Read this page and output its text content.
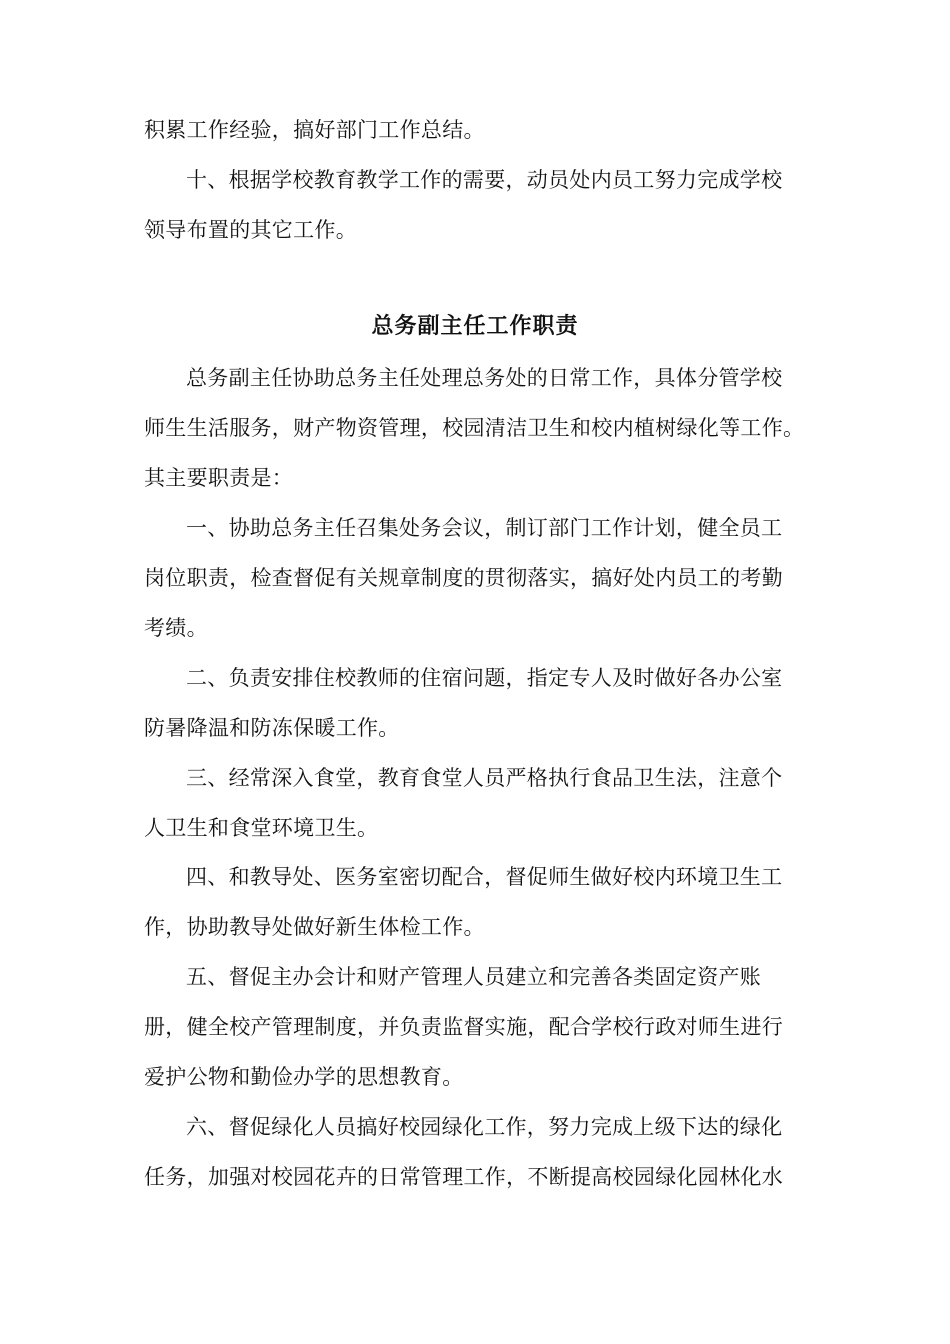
积累工作经验，搞好部门工作总结。
十、根据学校教育教学工作的需要，动员处内员工努力完成学校
领导布置的其它工作。
总务副主任工作职责
总务副主任协助总务主任处理总务处的日常工作，具体分管学校
师生生活服务，财产物资管理，校园清洁卫生和校内植树绿化等工作。
其主要职责是：
一、协助总务主任召集处务会议，制订部门工作计划，健全员工
岗位职责，检查督促有关规章制度的贯彻落实，搞好处内员工的考勤
考绩。
二、负责安排住校教师的住宿问题，指定专人及时做好各办公室
防暑降温和防冻保暖工作。
三、经常深入食堂，教育食堂人员严格执行食品卫生法，注意个
人卫生和食堂环境卫生。
四、和教导处、医务室密切配合，督促师生做好校内环境卫生工
作，协助教导处做好新生体检工作。
五、督促主办会计和财产管理人员建立和完善各类固定资产账
册，健全校产管理制度，并负责监督实施，配合学校行政对师生进行
爱护公物和勤俭办学的思想教育。
六、督促绿化人员搞好校园绿化工作，努力完成上级下达的绿化
任务，加强对校园花卉的日常管理工作，不断提高校园绿化园林化水
